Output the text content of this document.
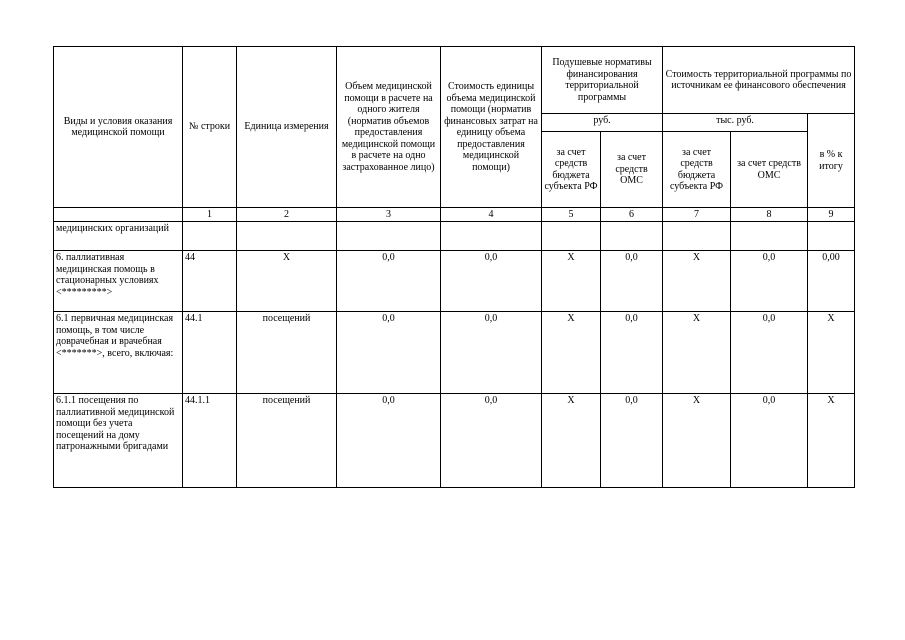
Виды и условия оказания медицинской помощи	№ строки	Единица измерения	Объем медицинской помощи в расчете на одного жителя (норматив объемов предоставления медицинской помощи в расчете на одно застрахованное лицо)	Стоимость единицы объема медицинской помощи (норматив финансовых затрат на единицу объема предоставления медицинской помощи)	Подушевые нормативы финансирования территориальной программы		Стоимость территориальной программы по источникам ее финансового обеспечения		
					руб.		тыс. руб.		в % к итогу
					за счет средств бюджета субъекта РФ	за счет средств ОМС	за счет средств бюджета субъекта РФ	за счет средств ОМС	
	1	2	3	4	5	6	7	8	9
медицинских организаций									
6. паллиативная медицинская помощь в стационарных условиях <*********>	44	X	0,0	0,0	X	0,0	X	0,0	0,00
6.1 первичная медицинская помощь, в том числе доврачебная и врачебная <*******>, всего, включая:	44.1	посещений	0,0	0,0	X	0,0	X	0,0	X
6.1.1 посещения по паллиативной медицинской помощи без учета посещений на дому патронажными бригадами	44.1.1	посещений	0,0	0,0	X	0,0	X	0,0	X
